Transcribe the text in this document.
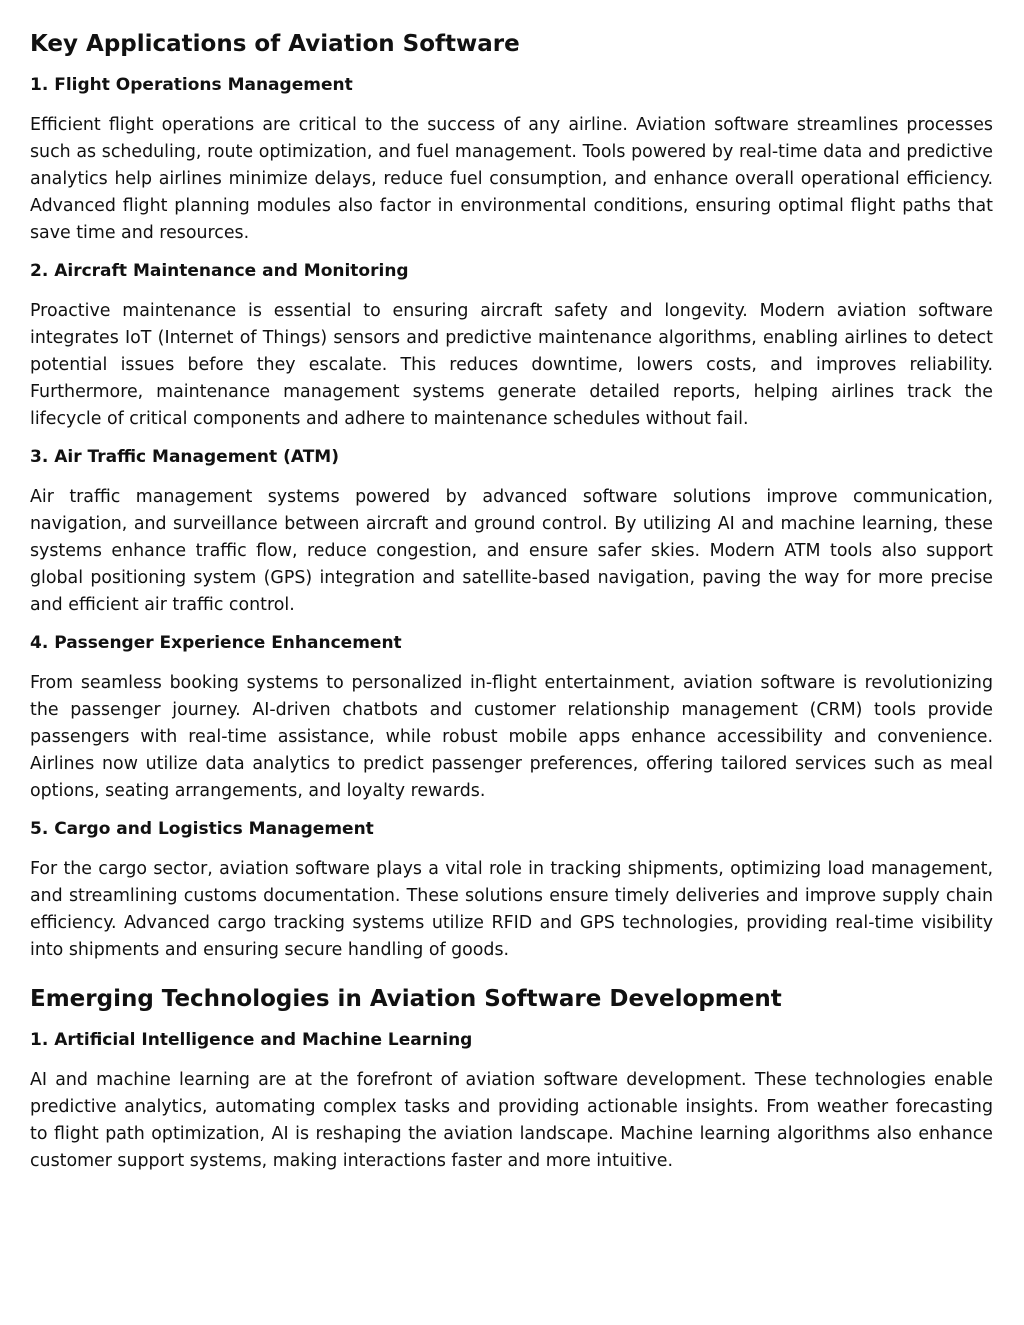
Key Applications of Aviation Software
1. Flight Operations Management

Efficient flight operations are critical to the success of any airline. Aviation software streamlines processes such as scheduling, route optimization, and fuel management. Tools powered by real-time data and predictive analytics help airlines minimize delays, reduce fuel consumption, and enhance overall operational efficiency. Advanced flight planning modules also factor in environmental conditions, ensuring optimal flight paths that save time and resources.

2. Aircraft Maintenance and Monitoring

Proactive maintenance is essential to ensuring aircraft safety and longevity. Modern aviation software integrates IoT (Internet of Things) sensors and predictive maintenance algorithms, enabling airlines to detect potential issues before they escalate. This reduces downtime, lowers costs, and improves reliability. Furthermore, maintenance management systems generate detailed reports, helping airlines track the lifecycle of critical components and adhere to maintenance schedules without fail.

3. Air Traffic Management (ATM)

Air traffic management systems powered by advanced software solutions improve communication, navigation, and surveillance between aircraft and ground control. By utilizing AI and machine learning, these systems enhance traffic flow, reduce congestion, and ensure safer skies. Modern ATM tools also support global positioning system (GPS) integration and satellite-based navigation, paving the way for more precise and efficient air traffic control.

4. Passenger Experience Enhancement

From seamless booking systems to personalized in-flight entertainment, aviation software is revolutionizing the passenger journey. AI-driven chatbots and customer relationship management (CRM) tools provide passengers with real-time assistance, while robust mobile apps enhance accessibility and convenience. Airlines now utilize data analytics to predict passenger preferences, offering tailored services such as meal options, seating arrangements, and loyalty rewards.

5. Cargo and Logistics Management

For the cargo sector, aviation software plays a vital role in tracking shipments, optimizing load management, and streamlining customs documentation. These solutions ensure timely deliveries and improve supply chain efficiency. Advanced cargo tracking systems utilize RFID and GPS technologies, providing real-time visibility into shipments and ensuring secure handling of goods.

Emerging Technologies in Aviation Software Development
1. Artificial Intelligence and Machine Learning

AI and machine learning are at the forefront of aviation software development. These technologies enable predictive analytics, automating complex tasks and providing actionable insights. From weather forecasting to flight path optimization, AI is reshaping the aviation landscape. Machine learning algorithms also enhance customer support systems, making interactions faster and more intuitive.
